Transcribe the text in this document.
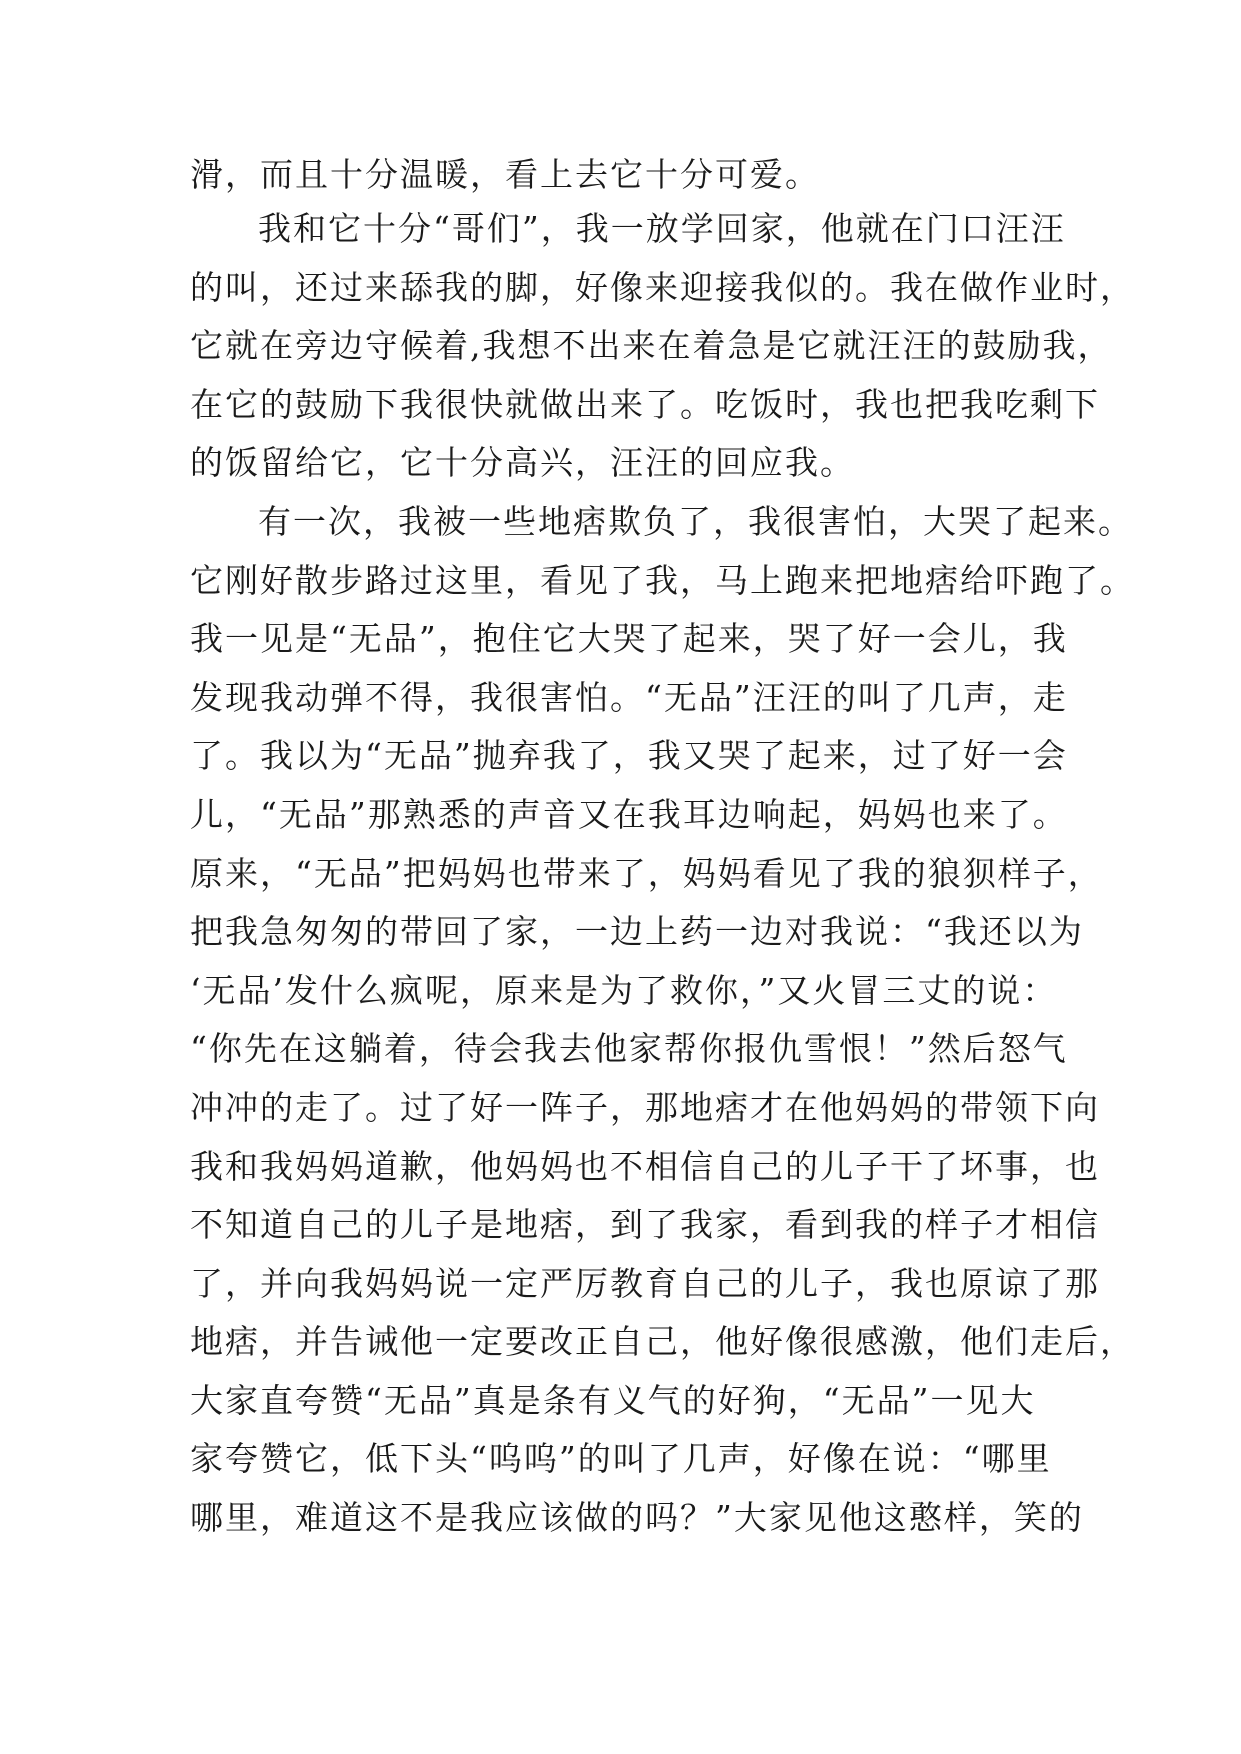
滑，而且十分温暖，看上去它十分可爱。
我和它十分“哥们”，我一放学回家，他就在门口汪汪
的叫，还过来舔我的脚，好像来迎接我似的。我在做作业时，
它就在旁边守候着,我想不出来在着急是它就汪汪的鼓励我，
在它的鼓励下我很快就做出来了。吃饭时，我也把我吃剩下
的饭留给它，它十分高兴，汪汪的回应我。
有一次，我被一些地痞欺负了，我很害怕，大哭了起来。
它刚好散步路过这里，看见了我，马上跑来把地痞给吓跑了。
我一见是“无品”，抱住它大哭了起来，哭了好一会儿，我
发现我动弹不得，我很害怕。“无品”汪汪的叫了几声，走
了。我以为“无品”抛弃我了，我又哭了起来，过了好一会
儿，“无品”那熟悉的声音又在我耳边响起，妈妈也来了。
原来，“无品”把妈妈也带来了，妈妈看见了我的狼狈样子，
把我急匆匆的带回了家，一边上药一边对我说：“我还以为
‘无品’发什么疯呢，原来是为了救你，”又火冒三丈的说：
“你先在这躺着，待会我去他家帮你报仇雪恨！”然后怒气
冲冲的走了。过了好一阵子，那地痞才在他妈妈的带领下向
我和我妈妈道歉，他妈妈也不相信自己的儿子干了坏事，也
不知道自己的儿子是地痞，到了我家，看到我的样子才相信
了，并向我妈妈说一定严厉教育自己的儿子，我也原谅了那
地痞，并告诫他一定要改正自己，他好像很感激，他们走后，
大家直夸赞“无品”真是条有义气的好狗，“无品”一见大
家夸赞它，低下头“呜呜”的叫了几声，好像在说：“哪里
哪里，难道这不是我应该做的吗？”大家见他这憨样，笑的
